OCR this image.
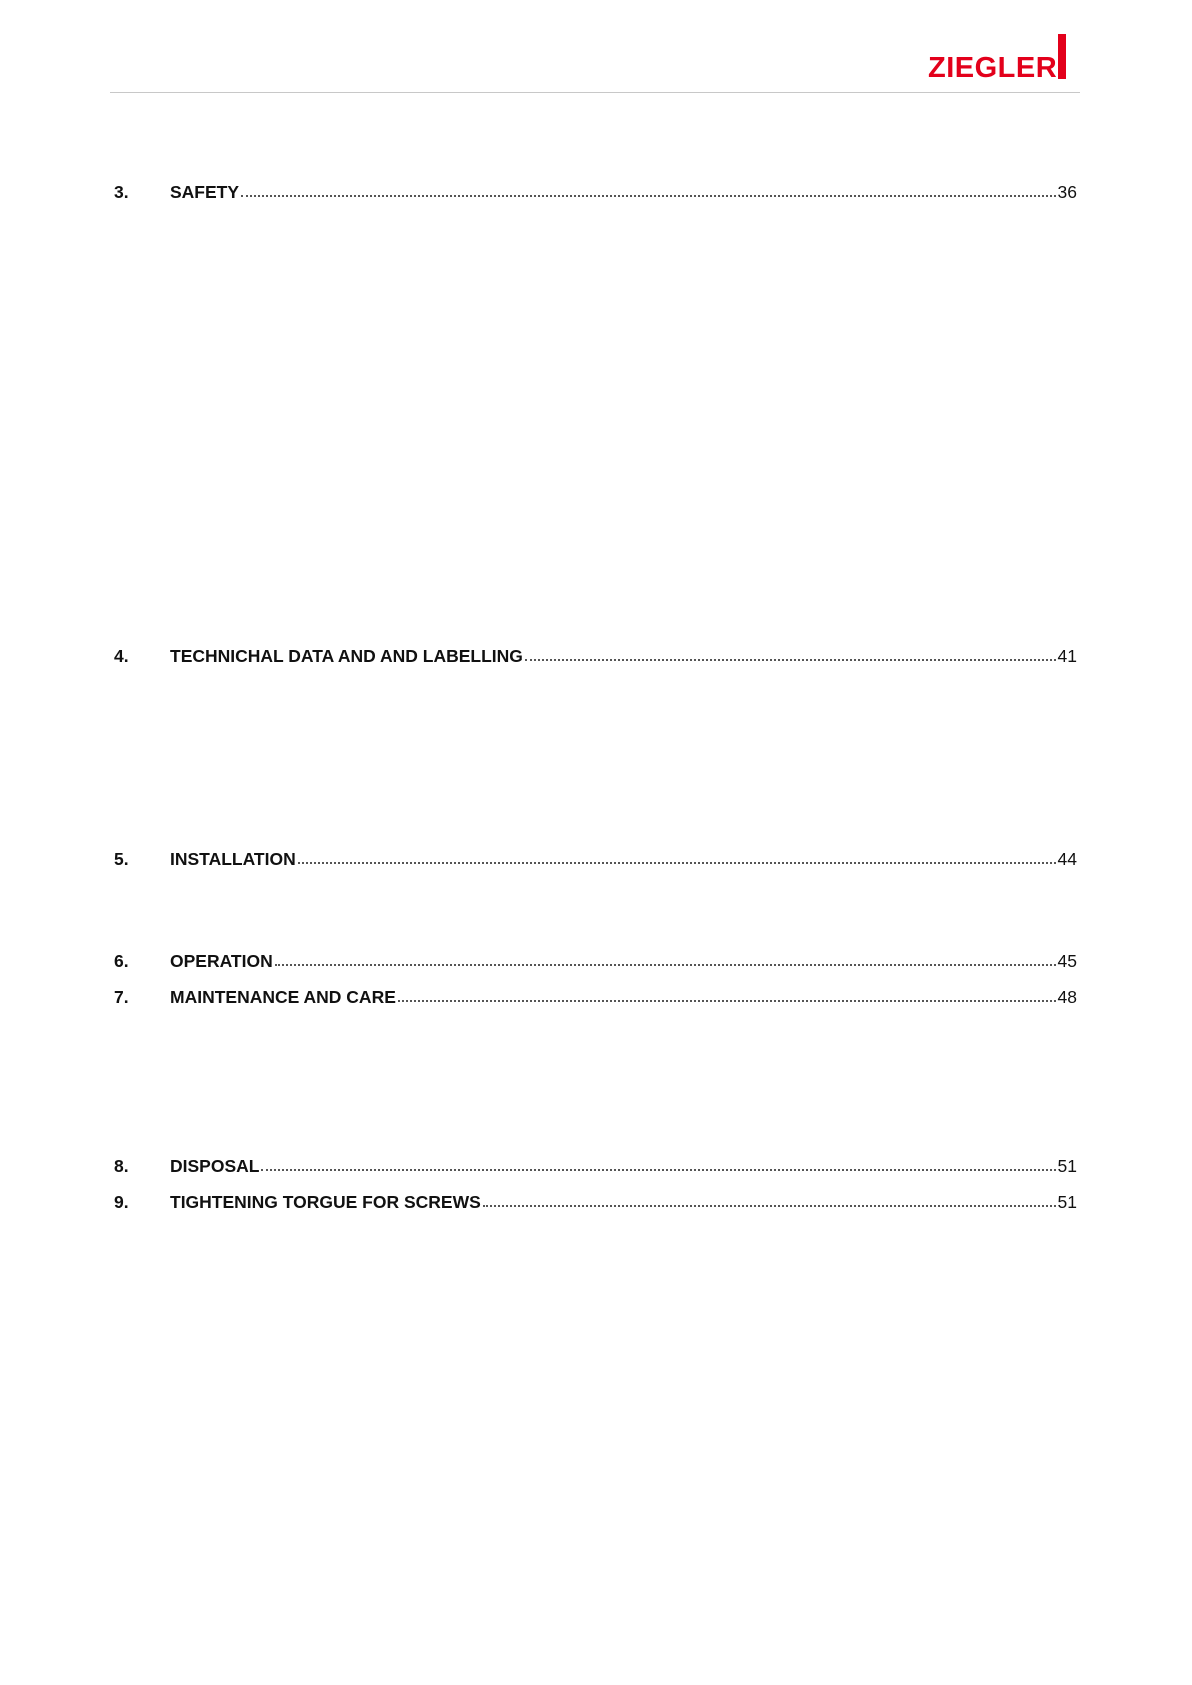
ZIEGLER
3.	SAFETY	36
4.	TECHNICHAL DATA AND AND LABELLING	41
5.	INSTALLATION	44
6.	OPERATION	45
7.	MAINTENANCE AND CARE	48
8.	DISPOSAL	51
9.	TIGHTENING TORGUE FOR SCREWS	51
